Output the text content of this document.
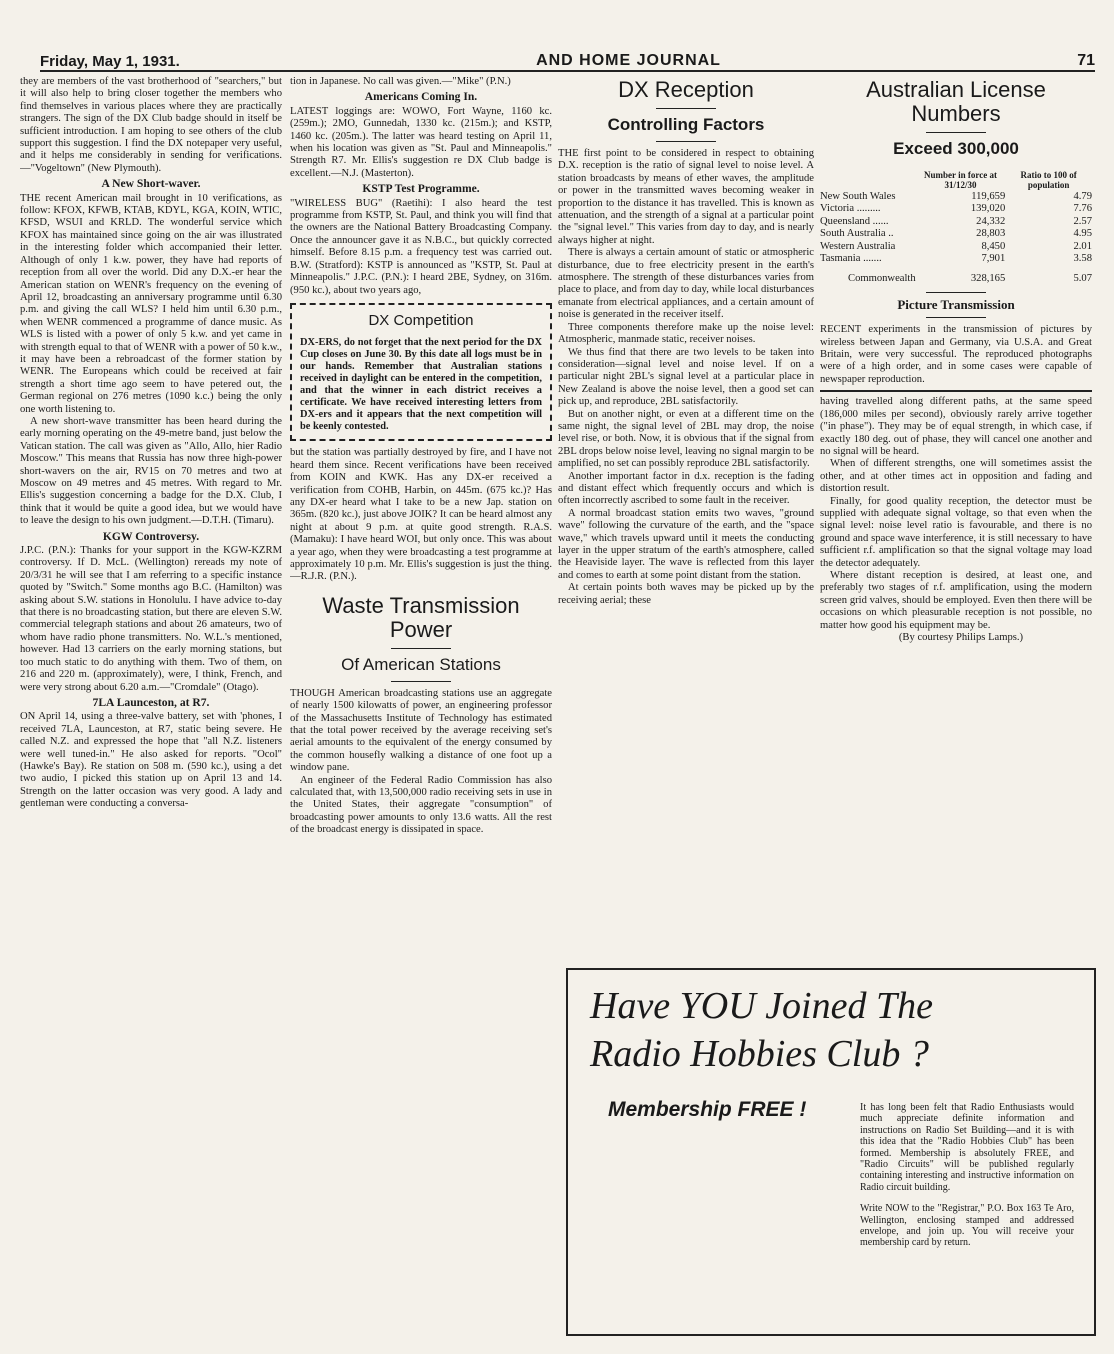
Friday, May 1, 1931.	AND HOME JOURNAL	71

they are members of the vast brotherhood of "searchers," but it will also help to bring closer together the members who find themselves in various places where they are practically strangers. The sign of the DX Club badge should in itself be sufficient introduction. I am hoping to see others of the club support this suggestion. I find the DX notepaper very useful, and it helps me considerably in sending for verifications.—"Vogeltown" (New Plymouth).

A New Short-waver.

THE recent American mail brought in 10 verifications, as follow: KFOX, KFWB, KTAB, KDYL, KGA, KOIN, WTIC, KFSD, WSUI and KRLD. The wonderful service which KFOX has maintained since going on the air was illustrated in the interesting folder which accompanied their letter. Although of only 1 k.w. power, they have had reports of reception from all over the world. Did any D.X.-er hear the American station on WENR's frequency on the evening of April 12, broadcasting an anniversary programme until 6.30 p.m. and giving the call WLS? I held him until 6.30 p.m., when WENR commenced a programme of dance music. As WLS is listed with a power of only 5 k.w. and yet came in with strength equal to that of WENR with a power of 50 k.w., it may have been a rebroadcast of the former station by WENR. The Europeans which could be received at fair strength a short time ago seem to have petered out, the German regional on 276 metres (1090 k.c.) being the only one worth listening to.

A new short-wave transmitter has been heard during the early morning operating on the 49-metre band, just below the Vatican station. The call was given as "Allo, Allo, hier Radio Moscow." This means that Russia has now three high-power short-wavers on the air, RV15 on 70 metres and two at Moscow on 49 metres and 45 metres. With regard to Mr. Ellis's suggestion concerning a badge for the D.X. Club, I think that it would be quite a good idea, but we would have to leave the design to his own judgment.—D.T.H. (Timaru).

KGW Controversy.

J.P.C. (P.N.): Thanks for your support in the KGW-KZRM controversy. If D. McL. (Wellington) rereads my note of 20/3/31 he will see that I am referring to a specific instance quoted by "Switch." Some months ago B.C. (Hamilton) was asking about S.W. stations in Honolulu. I have advice to-day that there is no broadcasting station, but there are eleven S.W. commercial telegraph stations and about 26 amateurs, two of whom have radio phone transmitters. No. W.L.'s mentioned, however. Had 13 carriers on the early morning stations, but too much static to do anything with them. Two of them, on 216 and 220 m. (approximately), were, I think, French, and were very strong about 6.20 a.m.—"Cromdale" (Otago).

7LA Launceston, at R7.

ON April 14, using a three-valve battery, set with 'phones, I received 7LA, Launceston, at R7, static being severe. He called N.Z. and expressed the hope that "all N.Z. listeners were well tuned-in." He also asked for reports. "Ocol" (Hawke's Bay). Re station on 508 m. (590 kc.), using a det two audio, I picked this station up on April 13 and 14. Strength on the latter occasion was very good. A lady and gentleman were conducting a conversa-

tion in Japanese. No call was given.—"Mike" (P.N.)

Americans Coming In.

LATEST loggings are: WOWO, Fort Wayne, 1160 kc. (259m.); 2MO, Gunnedah, 1330 kc. (215m.); and KSTP, 1460 kc. (205m.). The latter was heard testing on April 11, when his location was given as "St. Paul and Minneapolis." Strength R7. Mr. Ellis's suggestion re DX Club badge is excellent.—N.J. (Masterton).

KSTP Test Programme.

"WIRELESS BUG" (Raetihi): I also heard the test programme from KSTP, St. Paul, and think you will find that the owners are the National Battery Broadcasting Company. Once the announcer gave it as N.B.C., but quickly corrected himself. Before 8.15 p.m. a frequency test was carried out. B.W. (Stratford): KSTP is announced as "KSTP, St. Paul at Minneapolis." J.P.C. (P.N.): I heard 2BE, Sydney, on 316m. (950 kc.), about two years ago,

DX Competition

DX-ERS, do not forget that the next period for the DX Cup closes on June 30. By this date all logs must be in our hands. Remember that Australian stations received in daylight can be entered in the competition, and that the winner in each district receives a certificate. We have received interesting letters from DX-ers and it appears that the next competition will be keenly contested.

but the station was partially destroyed by fire, and I have not heard them since. Recent verifications have been received from KOIN and KWK. Has any DX-er received a verification from COHB, Harbin, on 445m. (675 kc.)? Has any DX-er heard what I take to be a new Jap. station on 365m. (820 kc.), just above JOIK? It can be heard almost any night at about 9 p.m. at quite good strength. R.A.S. (Mamaku): I have heard WOI, but only once. This was about a year ago, when they were broadcasting a test programme at approximately 10 p.m. Mr. Ellis's suggestion is just the thing.—R.J.R. (P.N.).

Waste Transmission Power
Of American Stations

THOUGH American broadcasting stations use an aggregate of nearly 1500 kilowatts of power, an engineering professor of the Massachusetts Institute of Technology has estimated that the total power received by the average receiving set's aerial amounts to the equivalent of the energy consumed by the common housefly walking a distance of one foot up a window pane.

An engineer of the Federal Radio Commission has also calculated that, with 13,500,000 radio receiving sets in use in the United States, their aggregate "consumption" of broadcasting power amounts to only 13.6 watts. All the rest of the broadcast energy is dissipated in space.

DX Reception
Controlling Factors

THE first point to be considered in respect to obtaining D.X. reception is the ratio of signal level to noise level. A station broadcasts by means of ether waves, the amplitude or power in the transmitted waves becoming weaker in proportion to the distance it has travelled. This is known as attenuation, and the strength of a signal at a particular point the "signal level." This varies from day to day, and is nearly always higher at night.

There is always a certain amount of static or atmospheric disturbance, due to free electricity present in the earth's atmosphere. The strength of these disturbances varies from place to place, and from day to day, while local disturbances emanate from electrical appliances, and a certain amount of noise is generated in the receiver itself.

Three components therefore make up the noise level: Atmospheric, manmade static, receiver noises.

We thus find that there are two levels to be taken into consideration—signal level and noise level. If on a particular night 2BL's signal level at a particular place in New Zealand is above the noise level, then a good set can pick up, and reproduce, 2BL satisfactorily.

But on another night, or even at a different time on the same night, the signal level of 2BL may drop, the noise level rise, or both. Now, it is obvious that if the signal from 2BL drops below noise level, leaving no signal margin to be amplified, no set can possibly reproduce 2BL satisfactorily.

Another important factor in d.x. reception is the fading and distant effect which frequently occurs and which is often incorrectly ascribed to some fault in the receiver.

A normal broadcast station emits two waves, "ground wave" following the curvature of the earth, and the "space wave," which travels upward until it meets the conducting layer in the upper stratum of the earth's atmosphere, called the Heaviside layer. The wave is reflected from this layer and comes to earth at some point distant from the station.

At certain points both waves may be picked up by the receiving aerial; these

Australian License Numbers
Exceed 300,000
	Number in force at 31/12/30	Ratio to 100 of population
New South Wales	119,659	4.79
Victoria .........	139,020	7.76
Queensland ......	24,332	2.57
South Australia ..	28,803	4.95
Western Australia	8,450	2.01
Tasmania .......	7,901	3.58
Commonwealth	328,165	5.07
Picture Transmission

RECENT experiments in the transmission of pictures by wireless between Japan and Germany, via U.S.A. and Great Britain, were very successful. The reproduced photographs were of a high order, and in some cases were capable of newspaper reproduction.

having travelled along different paths, at the same speed (186,000 miles per second), obviously rarely arrive together ("in phase"). They may be of equal strength, in which case, if exactly 180 deg. out of phase, they will cancel one another and no signal will be heard.

When of different strengths, one will sometimes assist the other, and at other times act in opposition and fading and distortion result.

Finally, for good quality reception, the detector must be supplied with adequate signal voltage, so that even when the signal level: noise level ratio is favourable, and there is no ground and space wave interference, it is still necessary to have sufficient r.f. amplification so that the signal voltage may load the detector adequately.

Where distant reception is desired, at least one, and preferably two stages of r.f. amplification, using the modern screen grid valves, should be employed. Even then there will be occasions on which pleasurable reception is not possible, no matter how good his equipment may be.

(By courtesy Philips Lamps.)

Have YOU Joined The
Radio Hobbies Club ?
Membership FREE !	It has long been felt that Radio Enthusiasts would much appreciate definite information and instructions on Radio Set Building—and it is with this idea that the "Radio Hobbies Club" has been formed. Membership is absolutely FREE, and "Radio Circuits" will be published regularly containing interesting and instructive information on Radio circuit building.

Write NOW to the "Registrar," P.O. Box 163 Te Aro, Wellington, enclosing stamped and addressed envelope, and join up. You will receive your membership card by return.
